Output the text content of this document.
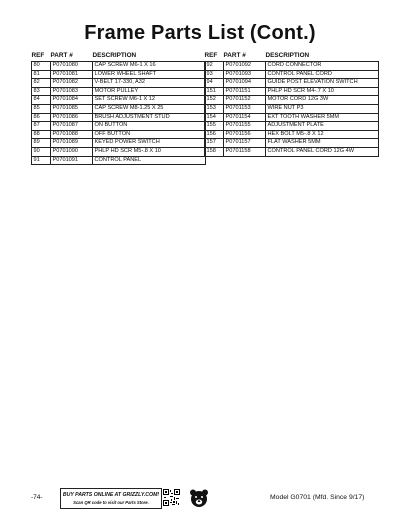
Frame Parts List (Cont.)
REF	PART #	DESCRIPTION
80	P0701080	CAP SCREW M6-1 X 16
81	P0701081	LOWER WHEEL SHAFT
82	P0701082	V-BELT 17-330, A32
83	P0701083	MOTOR PULLEY
84	P0701084	SET SCREW M6-1 X 12
85	P0701085	CAP SCREW M8-1.25 X 25
86	P0701086	BRUSH ADJUSTMENT STUD
87	P0701087	ON BUTTON
88	P0701088	OFF BUTTON
89	P0701089	KEYED POWER SWITCH
90	P0701090	PHLP HD SCR M5-.8 X 10
91	P0701091	CONTROL PANEL
REF	PART #	DESCRIPTION
92	P0701092	CORD CONNECTOR
93	P0701093	CONTROL PANEL CORD
94	P0701094	GUIDE POST ELEVATION SWITCH
151	P0701151	PHLP HD SCR M4-.7 X 10
152	P0701152	MOTOR CORD 12G 3W
153	P0701153	WIRE NUT P3
154	P0701154	EXT TOOTH WASHER 5MM
155	P0701155	ADJUSTMENT PLATE
156	P0701156	HEX BOLT M5-.8 X 12
157	P0701157	FLAT WASHER 5MM
158	P0701158	CONTROL PANEL CORD 12G 4W
-74-	BUY PARTS ONLINE AT GRIZZLY.COM!
Scan QR code to visit our Parts Store.
Model G0701 (Mfd. Since 9/17)
